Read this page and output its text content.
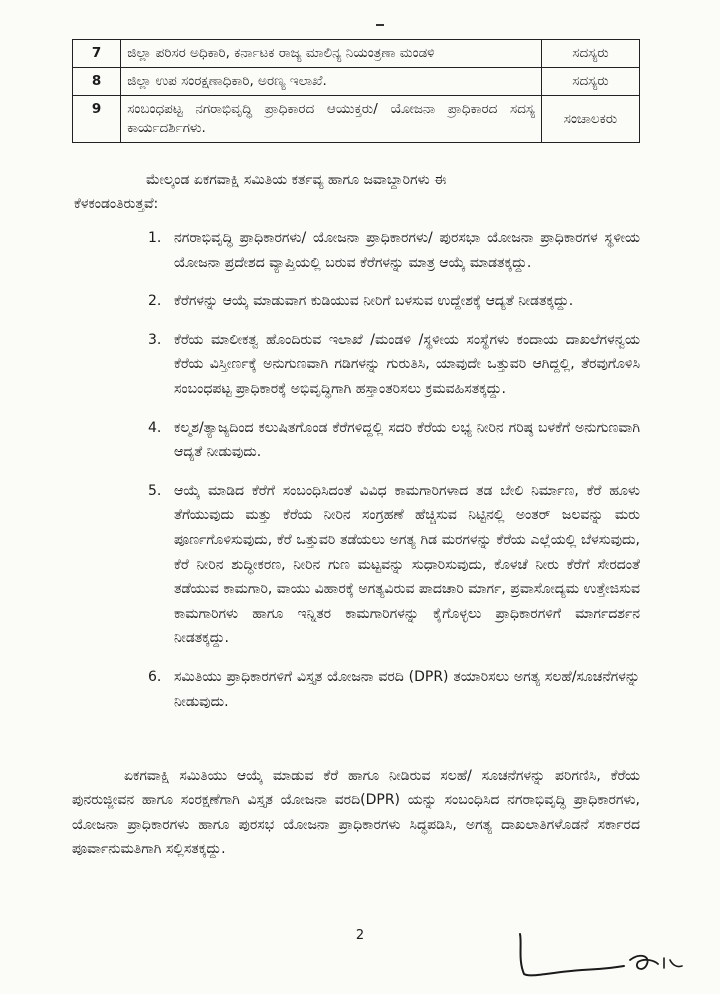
7	ಜಿಲ್ಲಾ ಪರಿಸರ ಅಧಿಕಾರಿ, ಕರ್ನಾಟಕ ರಾಜ್ಯ ಮಾಲಿನ್ಯ ನಿಯಂತ್ರಣಾ ಮಂಡಳಿ	ಸದಸ್ಯರು
8	ಜಿಲ್ಲಾ ಉಪ ಸಂರಕ್ಷಣಾಧಿಕಾರಿ, ಅರಣ್ಯ ಇಲಾಖೆ.	ಸದಸ್ಯರು
9	ಸಂಬಂಧಪಟ್ಟ ನಗರಾಭಿವೃದ್ಧಿ ಪ್ರಾಧಿಕಾರದ ಆಯುಕ್ತರು/ ಯೋಜನಾ ಪ್ರಾಧಿಕಾರದ ಸದಸ್ಯ ಕಾರ್ಯದರ್ಶಿಗಳು.	ಸಂಚಾಲಕರು

ಮೇಲ್ಕಂಡ ಏಕಗವಾಕ್ಷಿ ಸಮಿತಿಯ ಕರ್ತವ್ಯ ಹಾಗೂ ಜವಾಬ್ದಾರಿಗಳು ಈ
ಕೆಳಕಂಡಂತಿರುತ್ತವೆ:

1. ನಗರಾಭಿವೃದ್ಧಿ ಪ್ರಾಧಿಕಾರಗಳು/ ಯೋಜನಾ ಪ್ರಾಧಿಕಾರಗಳು/ ಪುರಸಭಾ ಯೋಜನಾ ಪ್ರಾಧಿಕಾರಗಳ ಸ್ಥಳೀಯ ಯೋಜನಾ ಪ್ರದೇಶದ ವ್ಯಾಪ್ತಿಯಲ್ಲಿ ಬರುವ ಕೆರೆಗಳನ್ನು ಮಾತ್ರ ಆಯ್ಕೆ ಮಾಡತಕ್ಕದ್ದು.
2. ಕೆರೆಗಳನ್ನು ಆಯ್ಕೆ ಮಾಡುವಾಗ ಕುಡಿಯುವ ನೀರಿಗೆ ಬಳಸುವ ಉದ್ದೇಶಕ್ಕೆ ಆದ್ಯತೆ ನೀಡತಕ್ಕದ್ದು.
3. ಕೆರೆಯ ಮಾಲೀಕತ್ವ ಹೊಂದಿರುವ ಇಲಾಖೆ /ಮಂಡಳಿ /ಸ್ಥಳೀಯ ಸಂಸ್ಥೆಗಳು ಕಂದಾಯ ದಾಖಲೆಗಳನ್ವಯ ಕೆರೆಯ ವಿಸ್ತೀರ್ಣಕ್ಕೆ ಅನುಗುಣವಾಗಿ ಗಡಿಗಳನ್ನು ಗುರುತಿಸಿ, ಯಾವುದೇ ಒತ್ತುವರಿ ಆಗಿದ್ದಲ್ಲಿ, ತೆರವುಗೊಳಿಸಿ ಸಂಬಂಧಪಟ್ಟ ಪ್ರಾಧಿಕಾರಕ್ಕೆ ಅಭಿವೃದ್ಧಿಗಾಗಿ ಹಸ್ತಾಂತರಿಸಲು ಕ್ರಮವಹಿಸತಕ್ಕದ್ದು.
4. ಕಲ್ಮಶ/ತ್ಯಾಜ್ಯದಿಂದ ಕಲುಷಿತಗೊಂಡ ಕೆರೆಗಳಿದ್ದಲ್ಲಿ ಸದರಿ ಕೆರೆಯ ಲಭ್ಯ ನೀರಿನ ಗರಿಷ್ಠ ಬಳಕೆಗೆ ಅನುಗುಣವಾಗಿ ಆದ್ಯತೆ ನೀಡುವುದು.
5. ಆಯ್ಕೆ ಮಾಡಿದ ಕೆರೆಗೆ ಸಂಬಂಧಿಸಿದಂತೆ ವಿವಿಧ ಕಾಮಗಾರಿಗಳಾದ ತಡ ಬೇಲಿ ನಿರ್ಮಾಣ, ಕೆರೆ ಹೂಳು ತೆಗೆಯುವುದು ಮತ್ತು ಕೆರೆಯ ನೀರಿನ ಸಂಗ್ರಹಣೆ ಹೆಚ್ಚಿಸುವ ನಿಟ್ಟಿನಲ್ಲಿ ಅಂತರ್ ಜಲವನ್ನು ಮರು ಪೂರ್ಣಗೊಳಿಸುವುದು, ಕೆರೆ ಒತ್ತುವರಿ ತಡೆಯಲು ಅಗತ್ಯ ಗಿಡ ಮರಗಳನ್ನು ಕೆರೆಯ ಎಲ್ಲೆಯಲ್ಲಿ ಬೆಳಸುವುದು, ಕೆರೆ ನೀರಿನ ಶುದ್ಧೀಕರಣ, ನೀರಿನ ಗುಣ ಮಟ್ಟವನ್ನು ಸುಧಾರಿಸುವುದು, ಕೊಳಚೆ ನೀರು ಕೆರೆಗೆ ಸೇರದಂತೆ ತಡೆಯುವ ಕಾಮಗಾರಿ, ವಾಯು ವಿಹಾರಕ್ಕೆ ಅಗತ್ಯವಿರುವ ಪಾದಚಾರಿ ಮಾರ್ಗ, ಪ್ರವಾಸೋದ್ಯಮ ಉತ್ತೇಜಿಸುವ ಕಾಮಗಾರಿಗಳು ಹಾಗೂ ಇನ್ನಿತರ ಕಾಮಗಾರಿಗಳನ್ನು ಕೈಗೊಳ್ಳಲು ಪ್ರಾಧಿಕಾರಗಳಿಗೆ ಮಾರ್ಗದರ್ಶನ ನೀಡತಕ್ಕದ್ದು.
6. ಸಮಿತಿಯು ಪ್ರಾಧಿಕಾರಗಳಿಗೆ ವಿಸ್ತೃತ ಯೋಜನಾ ವರದಿ (DPR) ತಯಾರಿಸಲು ಅಗತ್ಯ ಸಲಹೆ/ಸೂಚನೆಗಳನ್ನು ನೀಡುವುದು.

ಏಕಗವಾಕ್ಷಿ ಸಮಿತಿಯು ಆಯ್ಕೆ ಮಾಡುವ ಕೆರೆ ಹಾಗೂ ನೀಡಿರುವ ಸಲಹೆ/ ಸೂಚನೆಗಳನ್ನು ಪರಿಗಣಿಸಿ, ಕೆರೆಯ ಪುನರುಜ್ಜೀವನ ಹಾಗೂ ಸಂರಕ್ಷಣೆಗಾಗಿ ವಿಸ್ತೃತ ಯೋಜನಾ ವರದಿ(DPR) ಯನ್ನು ಸಂಬಂಧಿಸಿದ ನಗರಾಭಿವೃದ್ಧಿ ಪ್ರಾಧಿಕಾರಗಳು, ಯೋಜನಾ ಪ್ರಾಧಿಕಾರಗಳು ಹಾಗೂ ಪುರಸಭ ಯೋಜನಾ ಪ್ರಾಧಿಕಾರಗಳು ಸಿದ್ಧಪಡಿಸಿ, ಅಗತ್ಯ ದಾಖಲಾತಿಗಳೊಡನೆ ಸರ್ಕಾರದ ಪೂರ್ವಾನುಮತಿಗಾಗಿ ಸಲ್ಲಿಸತಕ್ಕದ್ದು.

2
